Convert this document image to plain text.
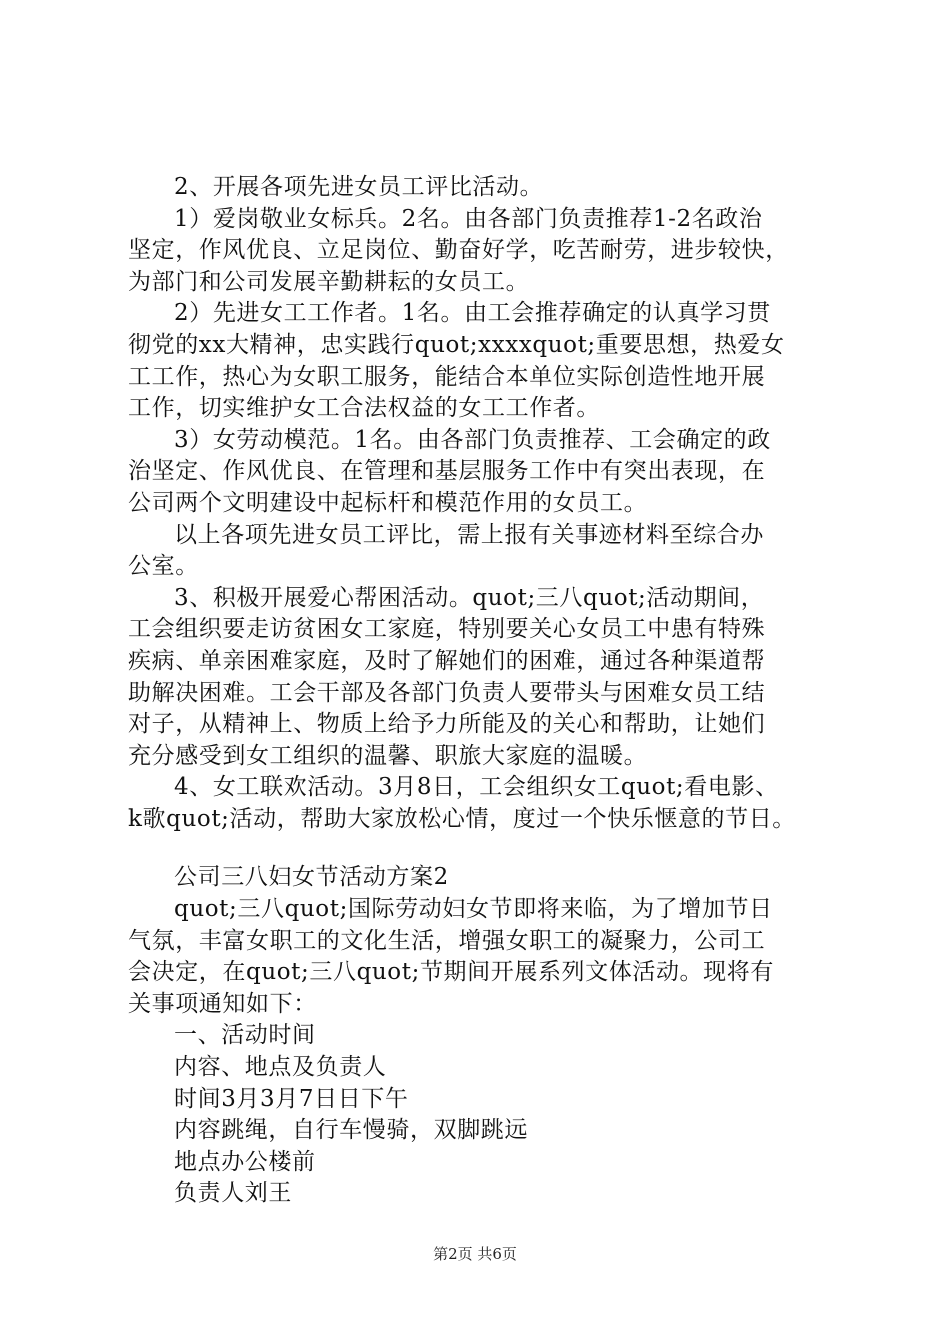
2、开展各项先进女员工评比活动。
1）爱岗敬业女标兵。2名。由各部门负责推荐1-2名政治
坚定，作风优良、立足岗位、勤奋好学，吃苦耐劳，进步较快，
为部门和公司发展辛勤耕耘的女员工。
2）先进女工工作者。1名。由工会推荐确定的认真学习贯
彻党的xx大精神，忠实践行quot;xxxxquot;重要思想，热爱女
工工作，热心为女职工服务，能结合本单位实际创造性地开展
工作，切实维护女工合法权益的女工工作者。
3）女劳动模范。1名。由各部门负责推荐、工会确定的政
治坚定、作风优良、在管理和基层服务工作中有突出表现，在
公司两个文明建设中起标杆和模范作用的女员工。
以上各项先进女员工评比，需上报有关事迹材料至综合办
公室。
3、积极开展爱心帮困活动。quot;三八quot;活动期间，
工会组织要走访贫困女工家庭，特别要关心女员工中患有特殊
疾病、单亲困难家庭，及时了解她们的困难，通过各种渠道帮
助解决困难。工会干部及各部门负责人要带头与困难女员工结
对子，从精神上、物质上给予力所能及的关心和帮助，让她们
充分感受到女工组织的温馨、职旅大家庭的温暖。
4、女工联欢活动。3月8日，工会组织女工quot;看电影、
k歌quot;活动，帮助大家放松心情，度过一个快乐惬意的节日。
公司三八妇女节活动方案2
quot;三八quot;国际劳动妇女节即将来临，为了增加节日
气氛，丰富女职工的文化生活，增强女职工的凝聚力，公司工
会决定，在quot;三八quot;节期间开展系列文体活动。现将有
关事项通知如下：
一、活动时间
内容、地点及负责人
时间3月3月7日日下午
内容跳绳，自行车慢骑，双脚跳远
地点办公楼前
负责人刘王
第2页 共6页
